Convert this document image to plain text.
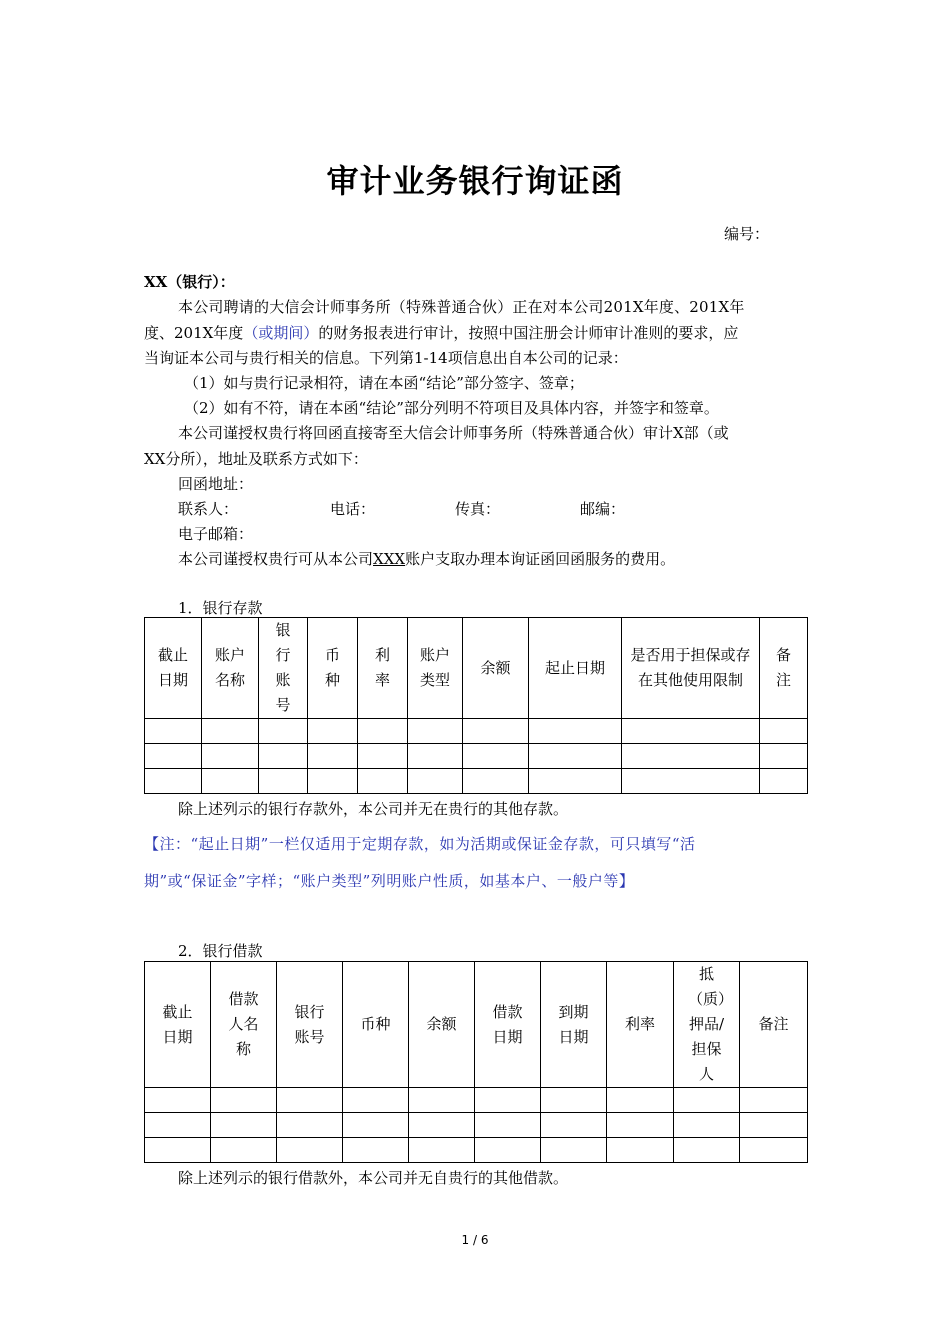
审计业务银行询证函
编号：
XX（银行）：
本公司聘请的大信会计师事务所（特殊普通合伙）正在对本公司201X年度、201X年
度、201X年度（或期间）的财务报表进行审计，按照中国注册会计师审计准则的要求，应
当询证本公司与贵行相关的信息。下列第1-14项信息出自本公司的记录：
（1）如与贵行记录相符，请在本函“结论”部分签字、签章；
（2）如有不符，请在本函“结论”部分列明不符项目及具体内容，并签字和签章。
本公司谨授权贵行将回函直接寄至大信会计师事务所（特殊普通合伙）审计X部（或
XX分所），地址及联系方式如下：
回函地址：
联系人：	电话：	传真：	邮编：
电子邮箱：
本公司谨授权贵行可从本公司XXX账户支取办理本询证函回函服务的费用。
1．银行存款
截止日期	账户名称	银行账号	币种	利率	账户类型	余额	起止日期	是否用于担保或存在其他使用限制	备注

除上述列示的银行存款外，本公司并无在贵行的其他存款。
【注：“起止日期”一栏仅适用于定期存款，如为活期或保证金存款，可只填写“活
期”或“保证金”字样；“账户类型”列明账户性质，如基本户、一般户等】
2．银行借款
截止日期	借款人名称	银行账号	币种	余额	借款日期	到期日期	利率	抵（质）押品/担保人	备注

除上述列示的银行借款外，本公司并无自贵行的其他借款。
1 / 6
